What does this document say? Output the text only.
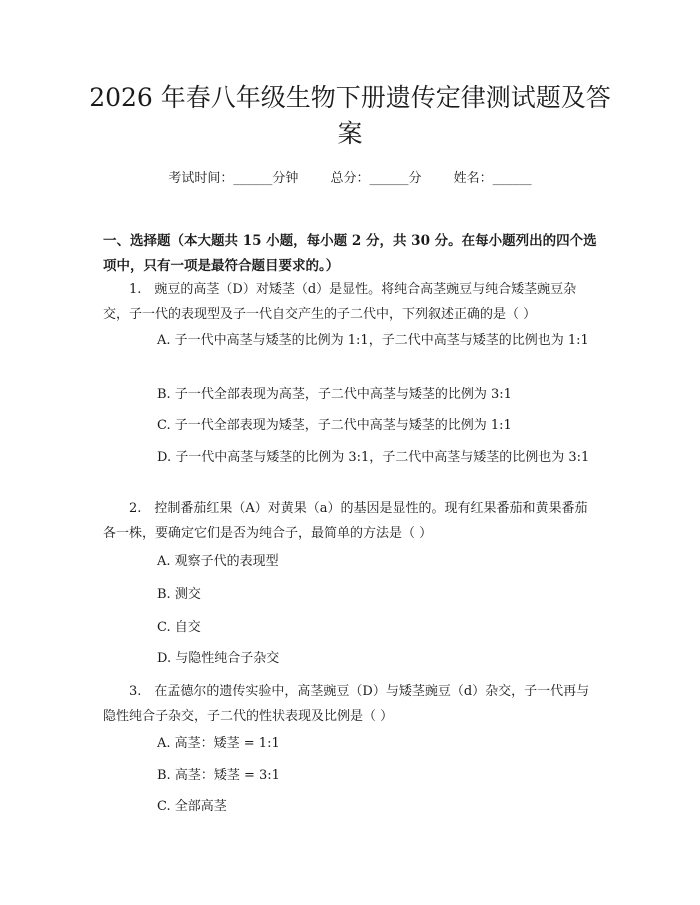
2026 年春八年级生物下册遗传定律测试题及答案
考试时间：______分钟 总分：______分 姓名：______

一、选择题（本大题共 15 小题，每小题 2 分，共 30 分。在每小题列出的四个选项中，只有一项是最符合题目要求的。）

1.　豌豆的高茎（D）对矮茎（d）是显性。将纯合高茎豌豆与纯合矮茎豌豆杂交，子一代的表现型及子一代自交产生的子二代中，下列叙述正确的是（ ）

A. 子一代中高茎与矮茎的比例为 1:1，子二代中高茎与矮茎的比例也为 1:1

B. 子一代全部表现为高茎，子二代中高茎与矮茎的比例为 3:1

C. 子一代全部表现为矮茎，子二代中高茎与矮茎的比例为 1:1

D. 子一代中高茎与矮茎的比例为 3:1，子二代中高茎与矮茎的比例也为 3:1

2.　控制番茄红果（A）对黄果（a）的基因是显性的。现有红果番茄和黄果番茄各一株，要确定它们是否为纯合子，最简单的方法是（ ）

A. 观察子代的表现型

B. 测交

C. 自交

D. 与隐性纯合子杂交

3.　在孟德尔的遗传实验中，高茎豌豆（D）与矮茎豌豆（d）杂交，子一代再与隐性纯合子杂交，子二代的性状表现及比例是（ ）

A. 高茎：矮茎 = 1:1

B. 高茎：矮茎 = 3:1

C. 全部高茎
